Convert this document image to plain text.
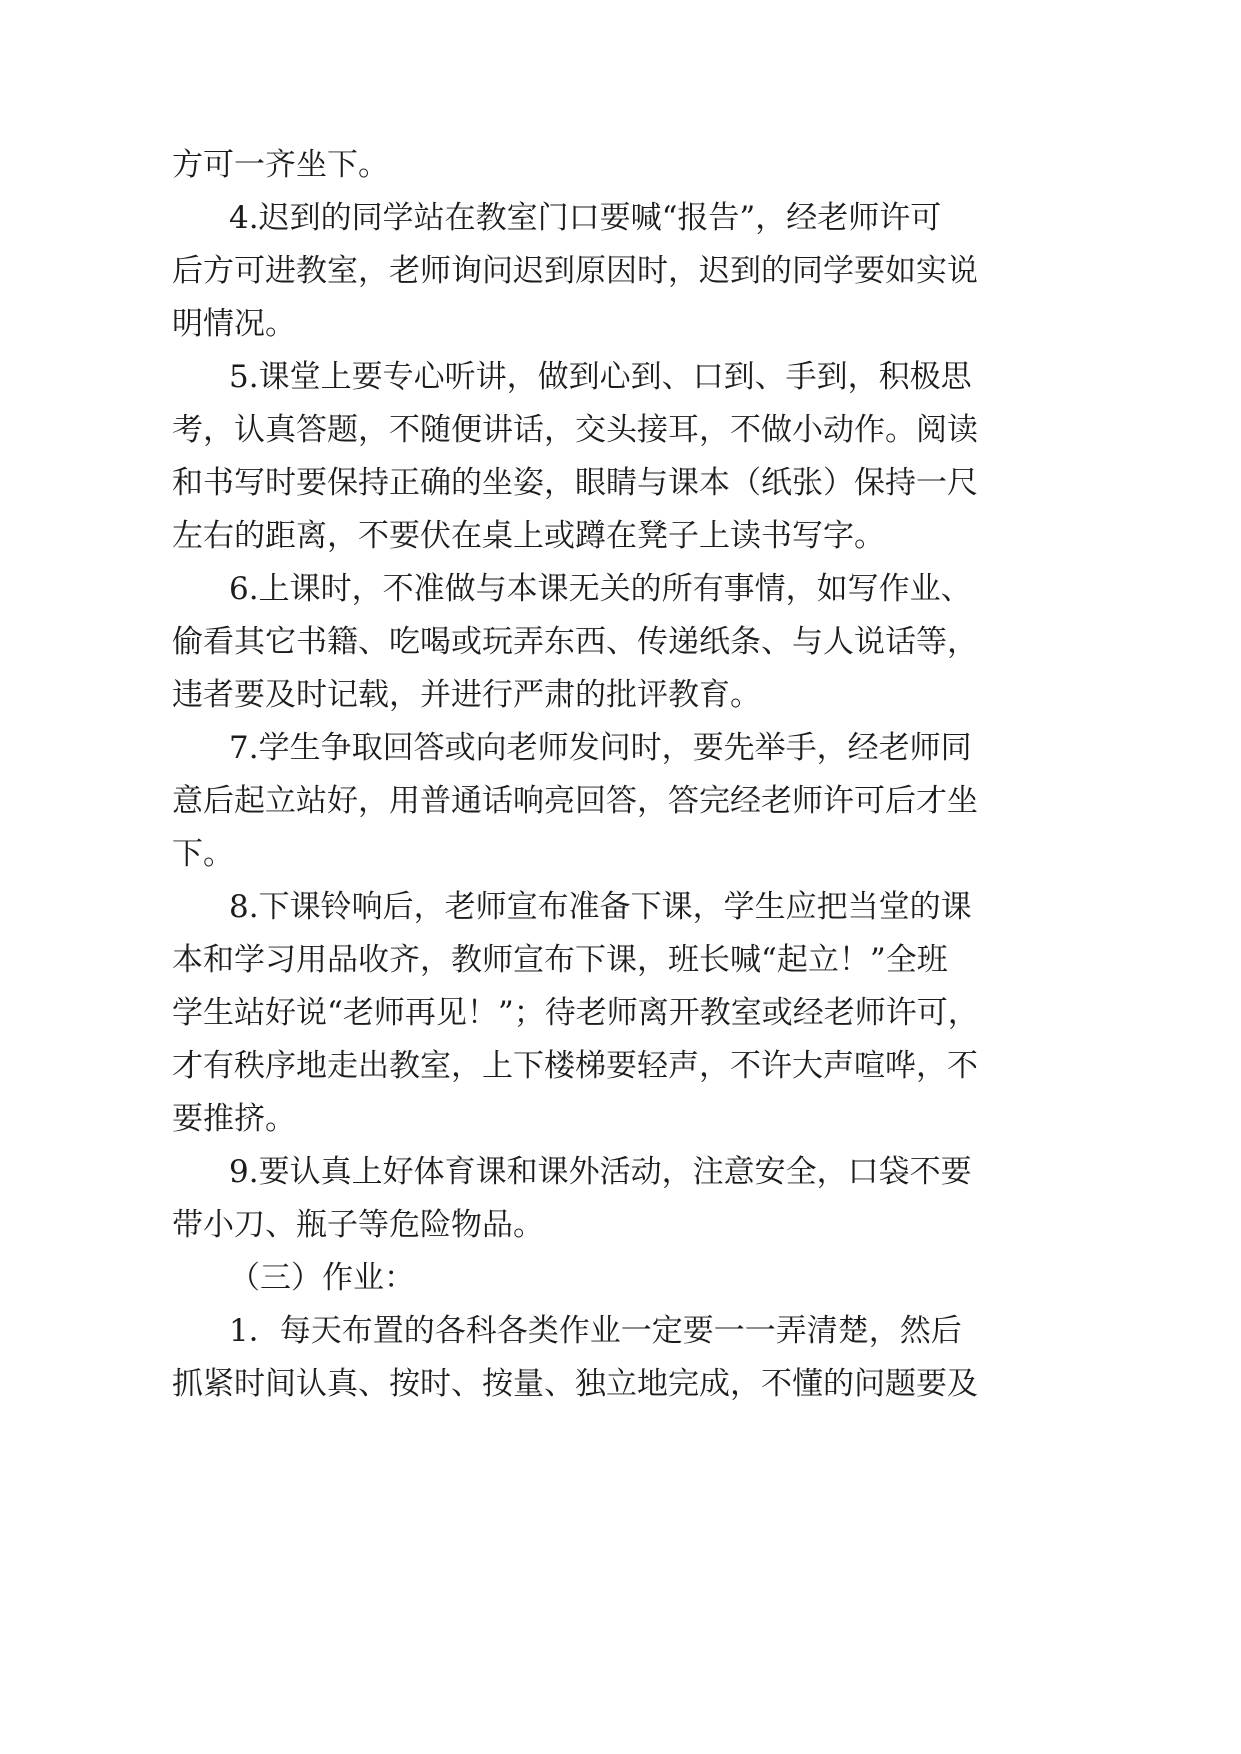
方可一齐坐下。
4.迟到的同学站在教室门口要喊“报告”，经老师许可
后方可进教室，老师询问迟到原因时，迟到的同学要如实说
明情况。
5.课堂上要专心听讲，做到心到、口到、手到，积极思
考，认真答题，不随便讲话，交头接耳，不做小动作。阅读
和书写时要保持正确的坐姿，眼睛与课本（纸张）保持一尺
左右的距离，不要伏在桌上或蹲在凳子上读书写字。
6.上课时，不准做与本课无关的所有事情，如写作业、
偷看其它书籍、吃喝或玩弄东西、传递纸条、与人说话等，
违者要及时记载，并进行严肃的批评教育。
7.学生争取回答或向老师发问时，要先举手，经老师同
意后起立站好，用普通话响亮回答，答完经老师许可后才坐
下。
8.下课铃响后，老师宣布准备下课，学生应把当堂的课
本和学习用品收齐，教师宣布下课，班长喊“起立！”全班
学生站好说“老师再见！”；待老师离开教室或经老师许可，
才有秩序地走出教室，上下楼梯要轻声，不许大声喧哗，不
要推挤。
9.要认真上好体育课和课外活动，注意安全，口袋不要
带小刀、瓶子等危险物品。
（三）作业：
1．每天布置的各科各类作业一定要一一弄清楚，然后
抓紧时间认真、按时、按量、独立地完成，不懂的问题要及
